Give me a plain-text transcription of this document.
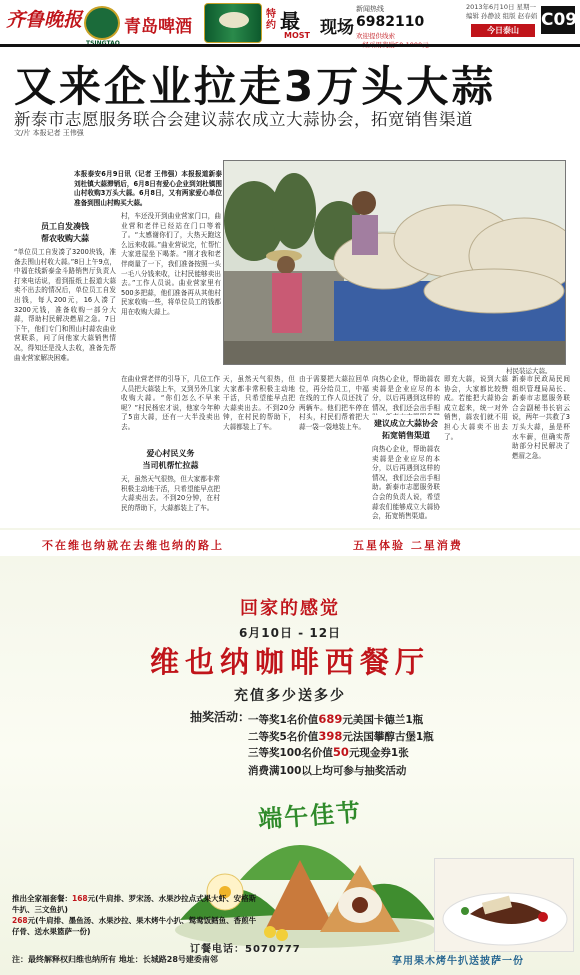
齐鲁晚报 青岛啤酒
特约 最
MOST 现场
新闻热线
6982110
欢迎提供线索
2013年6月10日 星期一
编辑 孙静波 组版 赵春娟
今日泰山
C09
又来企业拉走3万头大蒜
新泰市志愿服务联合会建议蒜农成立大蒜协会，拓宽销售渠道
文/片 本报记者 王伟强
本报泰安6月9日讯（记者 王伟强）本报报道新泰刘杜镇大蒜滞销后，6月8日有爱心企业到刘杜镇围山村收购3万头大蒜。6月8日，又有两家爱心单位准备到围山村购买大蒜。
员工自发凑钱
帮农收购大蒜
“单位员工自发凑了3200块钱，准备去围山村收大蒜。”8日上午9点，中福在线新泰金斗路销售厅负责人打来电话说，看到报纸上报道大蒜卖不出去的情况后，单位员工自发出钱，每人200元，16人凑了3200元钱，准备收购一部分大蒜，帮助村民解决燃眉之急。7日下午，他们专门和围山村蒜农曲业营联系，问了问他家大蒜销售情况，得知还是没人去收，准备先帮曲业营家解决困难。
村，车还没开到曲业营家门口，曲业营和老伴已经站在门口等着了。“太感谢你们了，大热天跑这么远来收蒜。”曲业营说完，忙帮忙大家进屋坐下喝茶。“刚才我和老伴商量了一下，我们准备按照一头一毛八分钱来收，让村民能够卖出去。”工作人员说。曲业营家里有500多把蒜，他们准备再从其他村民家收购一些，将单位员工的钱都用在收购大蒜上。
村民装运大蒜。
在曲业营老伴的引导下，几位工作人员把大蒜装上车，又到另外几家收购大蒜。“你们怎么不早来呢？”村民杨宏才说，他家今年种了5亩大蒜，还有一大半没卖出去。
爱心村民义务
当司机帮忙拉蒜
天，虽然天气很热，但大家都非常积极主动地干活，只希望能早点把大蒜卖出去。不到20分钟，在村民的帮助下，大蒜都装上了车。
天，虽然天气很热，但大家都非常积极主动地干活，只希望能早点把大蒜卖出去。不到20分钟，在村民的帮助下，大蒜都装上了车。
由于需要把大蒜拉回单位，再分给员工，中福在线的工作人员还找了两辆车。他们把车停在村头，村民们帮着把大蒜一袋一袋地装上车。
向热心企业，帮助蒜农卖蒜是企业应尽的本分，以后再遇到这样的情况，我们还会出手相
建议成立大蒜协会
拓宽销售渠道
向热心企业，帮助蒜农卖蒜是企业应尽的本分，以后再遇到这样的情况，我们还会出手相助。新泰市志愿服务联合会的负责人说，希望蒜农们能够成立大蒜协会，拓宽销售渠道。
即充大蒜，说到大蒜协会，大家都比较赞成。若能把大蒜协会成立起来，统一对外销售，蒜农们就不用担心大蒜卖不出去了。
新泰市民政局民间组织管理局局长、新泰市志愿服务联合会副秘书长宿云说，两年一共救了3万头大蒜，虽是杯水车薪，但确实帮助部分村民解决了燃眉之急。
不在维也纳就在去维也纳的路上	五星体验 二星消费
回家的感觉
6月10日 - 12日
维也纳咖啡西餐厅
充值多少送多少
抽奖活动：
一等奖1名价值689元美国卡德兰1瓶
二等奖5名价值398元法国攀醇古堡1瓶
三等奖100名价值50元现金券1张
消费满100以上均可参与抽奖活动
端午佳节
推出全家福套餐：168元(牛肩排、罗宋汤、水果沙拉点式果大虾、安格斯牛扒、三文鱼扒)
268元(牛肩排、墨鱼汤、水果沙拉、果木烤牛小扒、鸳鸯饭鳕鱼、香煎牛仔骨、送水果篮萨一份)
订餐电话：5070777
注：最终解释权归维也纳所有 地址：长城路28号建委南邻	享用果木烤牛扒送披萨一份
